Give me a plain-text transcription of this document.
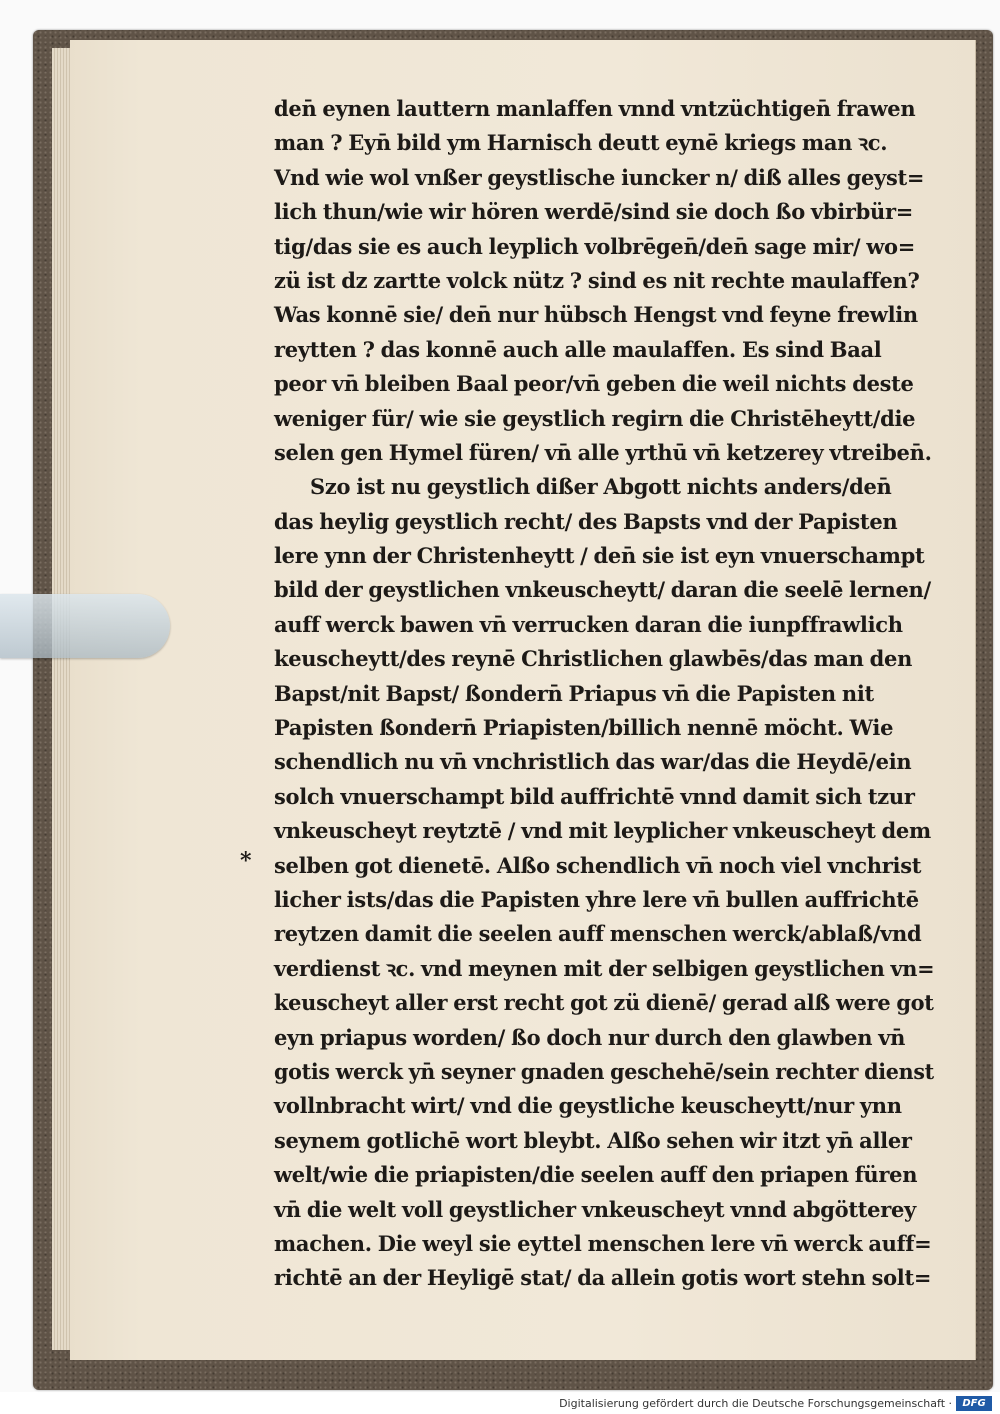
*
den̄ eynen lauttern manlaffen vnnd vntzüchtigen̄ frawen
man ? Eyn̄ bild ym Harnisch deutt eynē kriegs man ꝛc.
Vnd wie wol vnßer geystlische iuncker n/ diß alles geyst=
lich thun/wie wir hören werdē/sind sie doch ßo vbirbür=
tig/das sie es auch leyplich volbrēgen̄/den̄ sage mir/ wo=
zü ist dz zartte volck nütz ? sind es nit rechte maulaffen?
Was konnē sie/ den̄ nur hübsch Hengst vnd feyne frewlin
reytten ? das konnē auch alle maulaffen. Es sind Baal
peor vn̄ bleiben Baal peor/vn̄ geben die weil nichts deste
weniger für/ wie sie geystlich regirn die Christēheytt/die
selen gen Hymel füren/ vn̄ alle yrthū vn̄ ketzerey vtreiben̄.
Szo ist nu geystlich dißer Abgott nichts anders/den̄
das heylig geystlich recht/ des Bapsts vnd der Papisten
lere ynn der Christenheytt / den̄ sie ist eyn vnuerschampt
bild der geystlichen vnkeuscheytt/ daran die seelē lernen/
auff werck bawen vn̄ verrucken daran die iunpffrawlich
keuscheytt/des reynē Christlichen glawbēs/das man den
Bapst/nit Bapst/ ßondern̄ Priapus vn̄ die Papisten nit
Papisten ßondern̄ Priapisten/billich nennē möcht. Wie
schendlich nu vn̄ vnchristlich das war/das die Heydē/ein
solch vnuerschampt bild auffrichtē vnnd damit sich tzur
vnkeuscheyt reytztē / vnd mit leyplicher vnkeuscheyt dem
selben got dienetē. Alßo schendlich vn̄ noch viel vnchrist
licher ists/das die Papisten yhre lere vn̄ bullen auffrichtē
reytzen damit die seelen auff menschen werck/ablaß/vnd
verdienst ꝛc. vnd meynen mit der selbigen geystlichen vn=
keuscheyt aller erst recht got zü dienē/ gerad alß were got
eyn priapus worden/ ßo doch nur durch den glawben vn̄
gotis werck yn̄ seyner gnaden geschehē/sein rechter dienst
vollnbracht wirt/ vnd die geystliche keuscheytt/nur ynn
seynem gotlichē wort bleybt. Alßo sehen wir itzt yn̄ aller
welt/wie die priapisten/die seelen auff den priapen füren
vn̄ die welt voll geystlicher vnkeuscheyt vnnd abgötterey
machen. Die weyl sie eyttel menschen lere vn̄ werck auff=
richtē an der Heyligē stat/ da allein gotis wort stehn solt=
Digitalisierung gefördert durch die Deutsche Forschungsgemeinschaft ·	DFG
